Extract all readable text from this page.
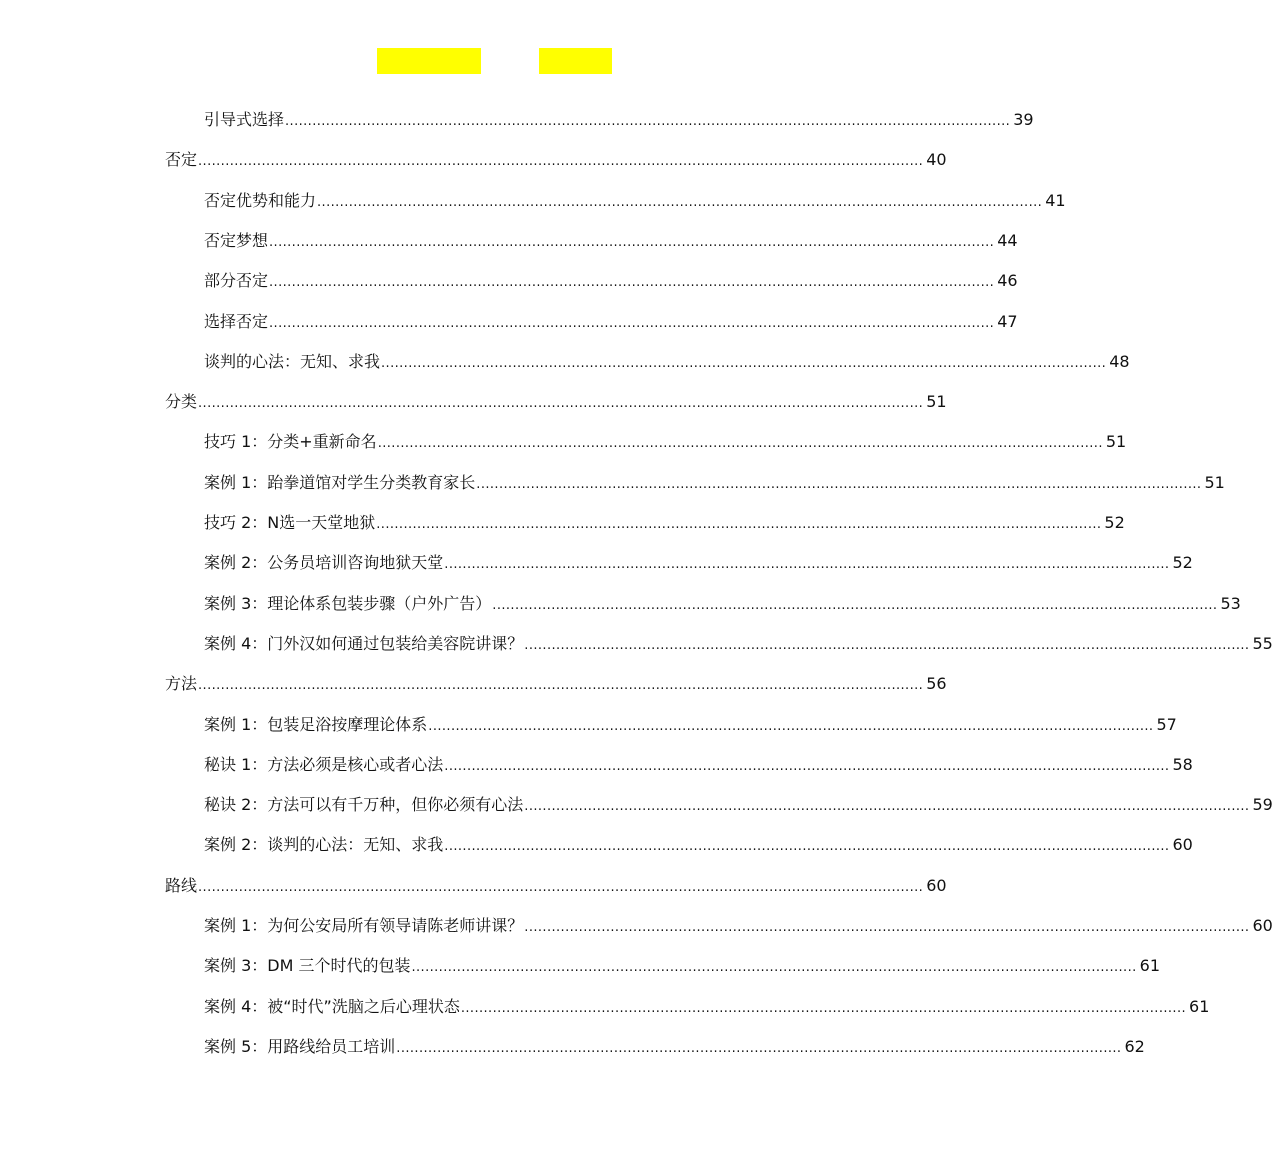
引导式选择 ................................................................................................................................................................ 39
否定 ................................................................................................................................................................ 40
否定优势和能力 ................................................................................................................................................................ 41
否定梦想 ................................................................................................................................................................ 44
部分否定 ................................................................................................................................................................ 46
选择否定 ................................................................................................................................................................ 47
谈判的心法：无知、求我 ................................................................................................................................................................ 48
分类 ................................................................................................................................................................ 51
技巧 1：分类+重新命名 ................................................................................................................................................................ 51
案例 1：跆拳道馆对学生分类教育家长 ................................................................................................................................................................ 51
技巧 2：N选一天堂地狱 ................................................................................................................................................................ 52
案例 2：公务员培训咨询地狱天堂 ................................................................................................................................................................ 52
案例 3：理论体系包装步骤（户外广告） ................................................................................................................................................................ 53
案例 4：门外汉如何通过包装给美容院讲课？ ................................................................................................................................................................ 55
方法 ................................................................................................................................................................ 56
案例 1：包装足浴按摩理论体系 ................................................................................................................................................................ 57
秘诀 1：方法必须是核心或者心法 ................................................................................................................................................................ 58
秘诀 2：方法可以有千万种，但你必须有心法 ................................................................................................................................................................ 59
案例 2：谈判的心法：无知、求我 ................................................................................................................................................................ 60
路线 ................................................................................................................................................................ 60
案例 1：为何公安局所有领导请陈老师讲课？ ................................................................................................................................................................ 60
案例 3：DM 三个时代的包装 ................................................................................................................................................................ 61
案例 4：被“时代”洗脑之后心理状态 ................................................................................................................................................................ 61
案例 5：用路线给员工培训 ................................................................................................................................................................ 62
